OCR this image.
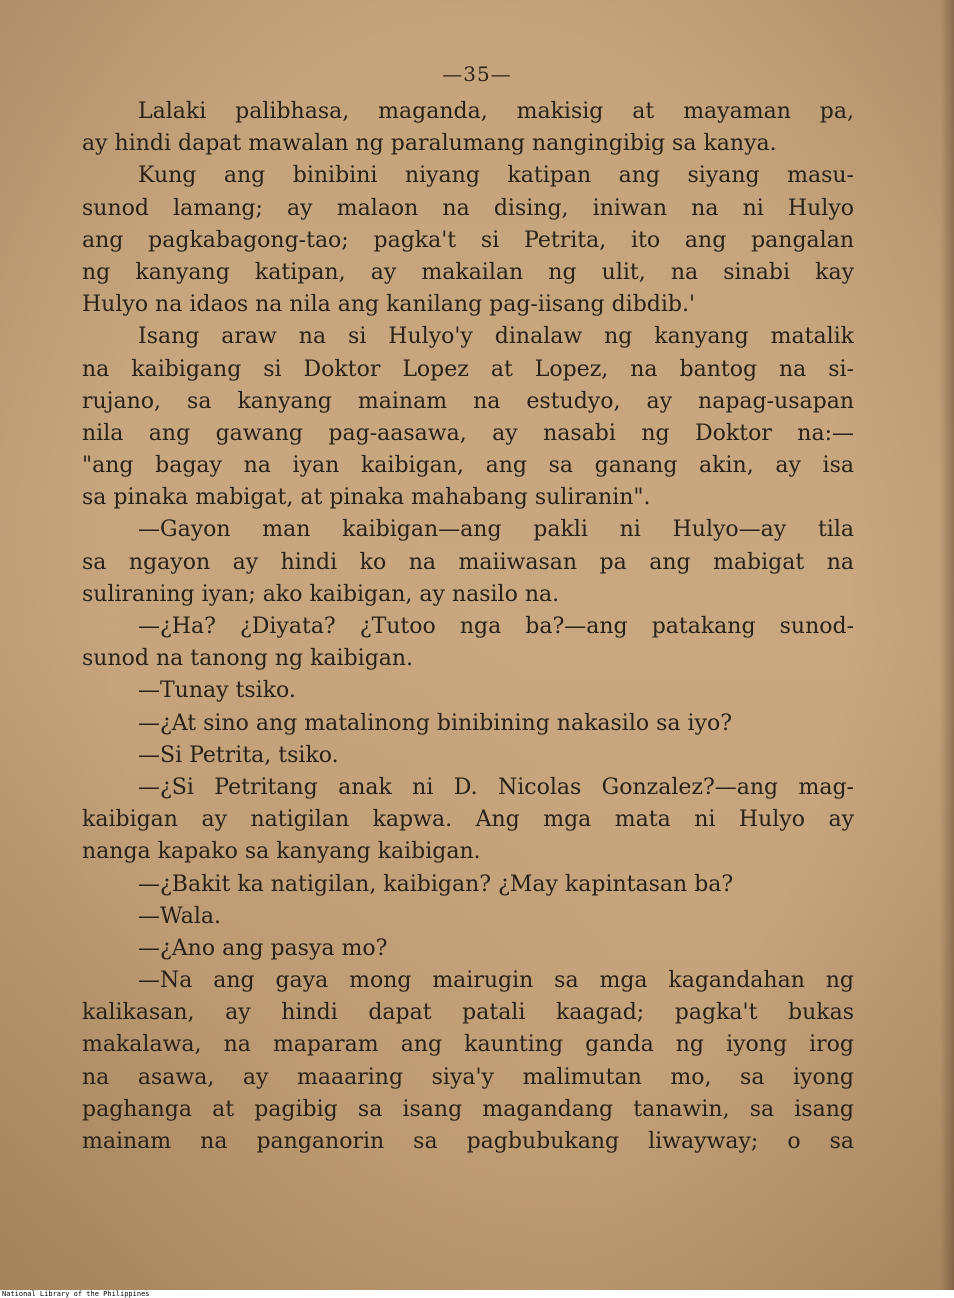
—35—
Lalaki palibhasa, maganda, makisig at mayaman pa,
ay hindi dapat mawalan ng paralumang nangingibig sa kanya.
Kung ang binibini niyang katipan ang siyang masu-
sunod lamang; ay malaon na dising, iniwan na ni Hulyo
ang pagkabagong-tao; pagka't si Petrita, ito ang pangalan
ng kanyang katipan, ay makailan ng ulit, na sinabi kay
Hulyo na idaos na nila ang kanilang pag-iisang dibdib.'
Isang araw na si Hulyo'y dinalaw ng kanyang matalik
na kaibigang si Doktor Lopez at Lopez, na bantog na si-
rujano, sa kanyang mainam na estudyo, ay napag-usapan
nila ang gawang pag-aasawa, ay nasabi ng Doktor na:—
"ang bagay na iyan kaibigan, ang sa ganang akin, ay isa
sa pinaka mabigat, at pinaka mahabang suliranin".
—Gayon man kaibigan—ang pakli ni Hulyo—ay tila
sa ngayon ay hindi ko na maiiwasan pa ang mabigat na
suliraning iyan; ako kaibigan, ay nasilo na.
—¿Ha? ¿Diyata? ¿Tutoo nga ba?—ang patakang sunod-
sunod na tanong ng kaibigan.
—Tunay tsiko.
—¿At sino ang matalinong binibining nakasilo sa iyo?
—Si Petrita, tsiko.
—¿Si Petritang anak ni D. Nicolas Gonzalez?—ang mag-
kaibigan ay natigilan kapwa. Ang mga mata ni Hulyo ay
nanga kapako sa kanyang kaibigan.
—¿Bakit ka natigilan, kaibigan? ¿May kapintasan ba?
—Wala.
—¿Ano ang pasya mo?
—Na ang gaya mong mairugin sa mga kagandahan ng
kalikasan, ay hindi dapat patali kaagad; pagka't bukas
makalawa, na maparam ang kaunting ganda ng iyong irog
na asawa, ay maaaring siya'y malimutan mo, sa iyong
paghanga at pagibig sa isang magandang tanawin, sa isang
mainam na panganorin sa pagbubukang liwayway; o sa
National Library of the Philippines
